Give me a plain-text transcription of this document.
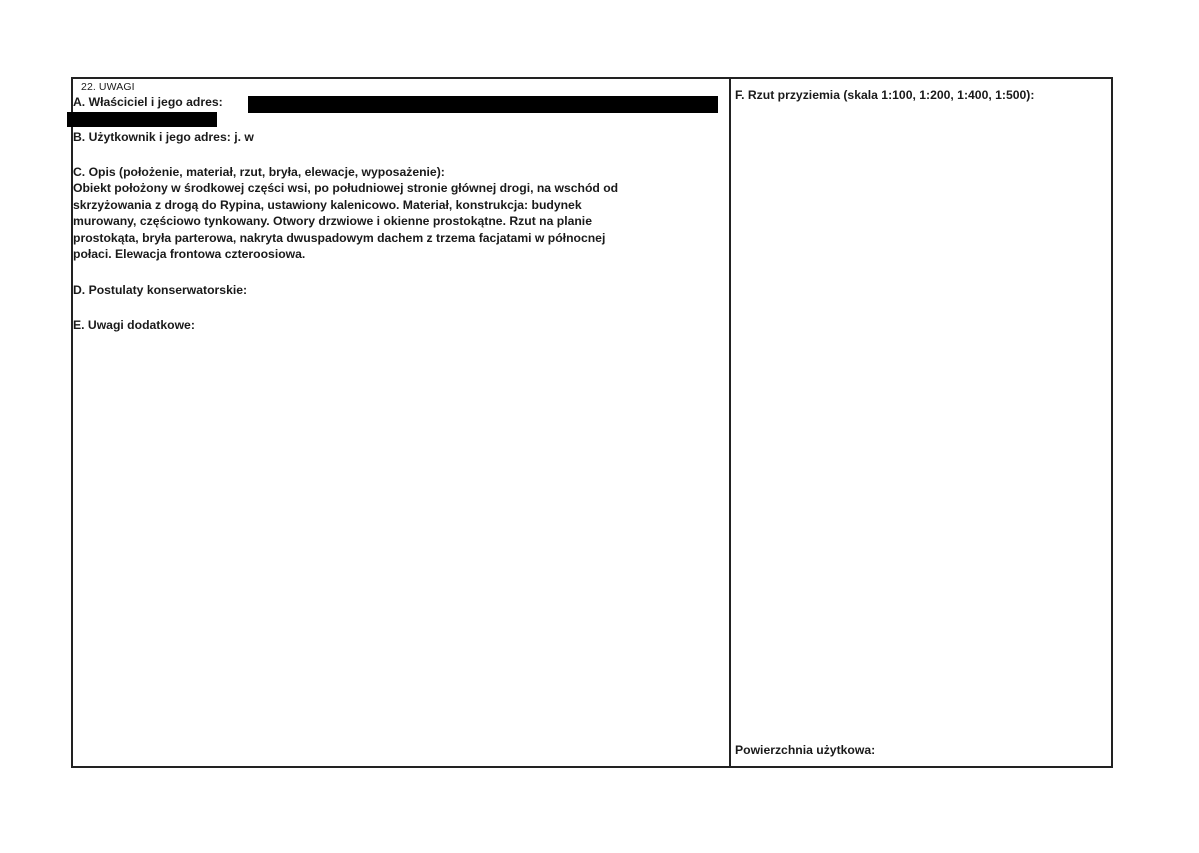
22. UWAGI
A. Właściciel i jego adres:
B. Użytkownik i jego adres: j. w
C. Opis (położenie, materiał, rzut, bryła, elewacje, wyposażenie):
Obiekt położony w środkowej części wsi, po południowej stronie głównej drogi, na wschód od
skrzyżowania z drogą do Rypina, ustawiony kalenicowo. Materiał, konstrukcja: budynek
murowany, częściowo tynkowany. Otwory drzwiowe i okienne prostokątne. Rzut na planie
prostokąta, bryła parterowa, nakryta dwuspadowym dachem z trzema facjatami w północnej
połaci. Elewacja frontowa czteroosiowa.
D. Postulaty konserwatorskie:
E. Uwagi dodatkowe:
F. Rzut przyziemia (skala 1:100, 1:200, 1:400, 1:500):
Powierzchnia użytkowa:
